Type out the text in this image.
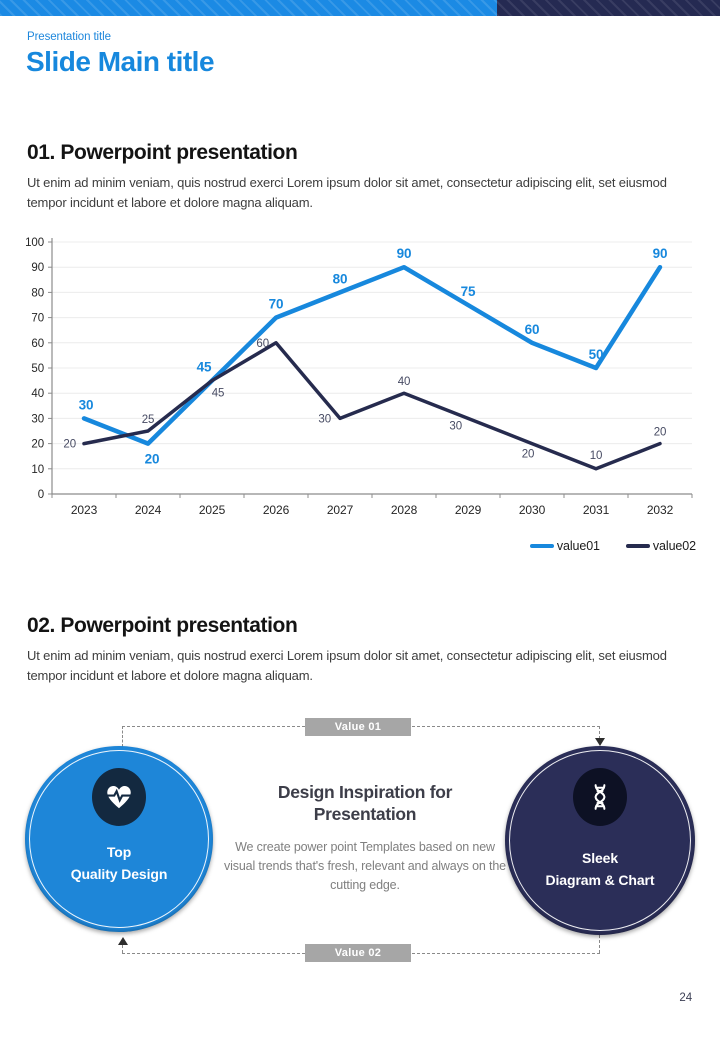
Presentation title
Slide Main title
01. Powerpoint presentation
Ut enim ad minim veniam, quis nostrud exerci Lorem ipsum dolor sit amet, consectetur adipiscing elit, set eiusmod tempor incidunt et labore et dolore magna aliquam.
0
10
20
30
40
50
60
70
80
90
100
2023	2024	2025	2026	2027	2028	2029	2030	2031	2032
30
20
45
70
80
90
75
60
50
90
20
25
45
60
30
40
30
20	10
20
value01	value02
02. Powerpoint presentation
Ut enim ad minim veniam, quis nostrud exerci Lorem ipsum dolor sit amet, consectetur adipiscing elit, set eiusmod tempor incidunt et labore et dolore magna aliquam.
Value 01
Value 02
Top
Quality Design
Sleek
Diagram & Chart
Design Inspiration for Presentation
We create power point Templates based on new visual trends that's fresh, relevant and always on the cutting edge.
24
